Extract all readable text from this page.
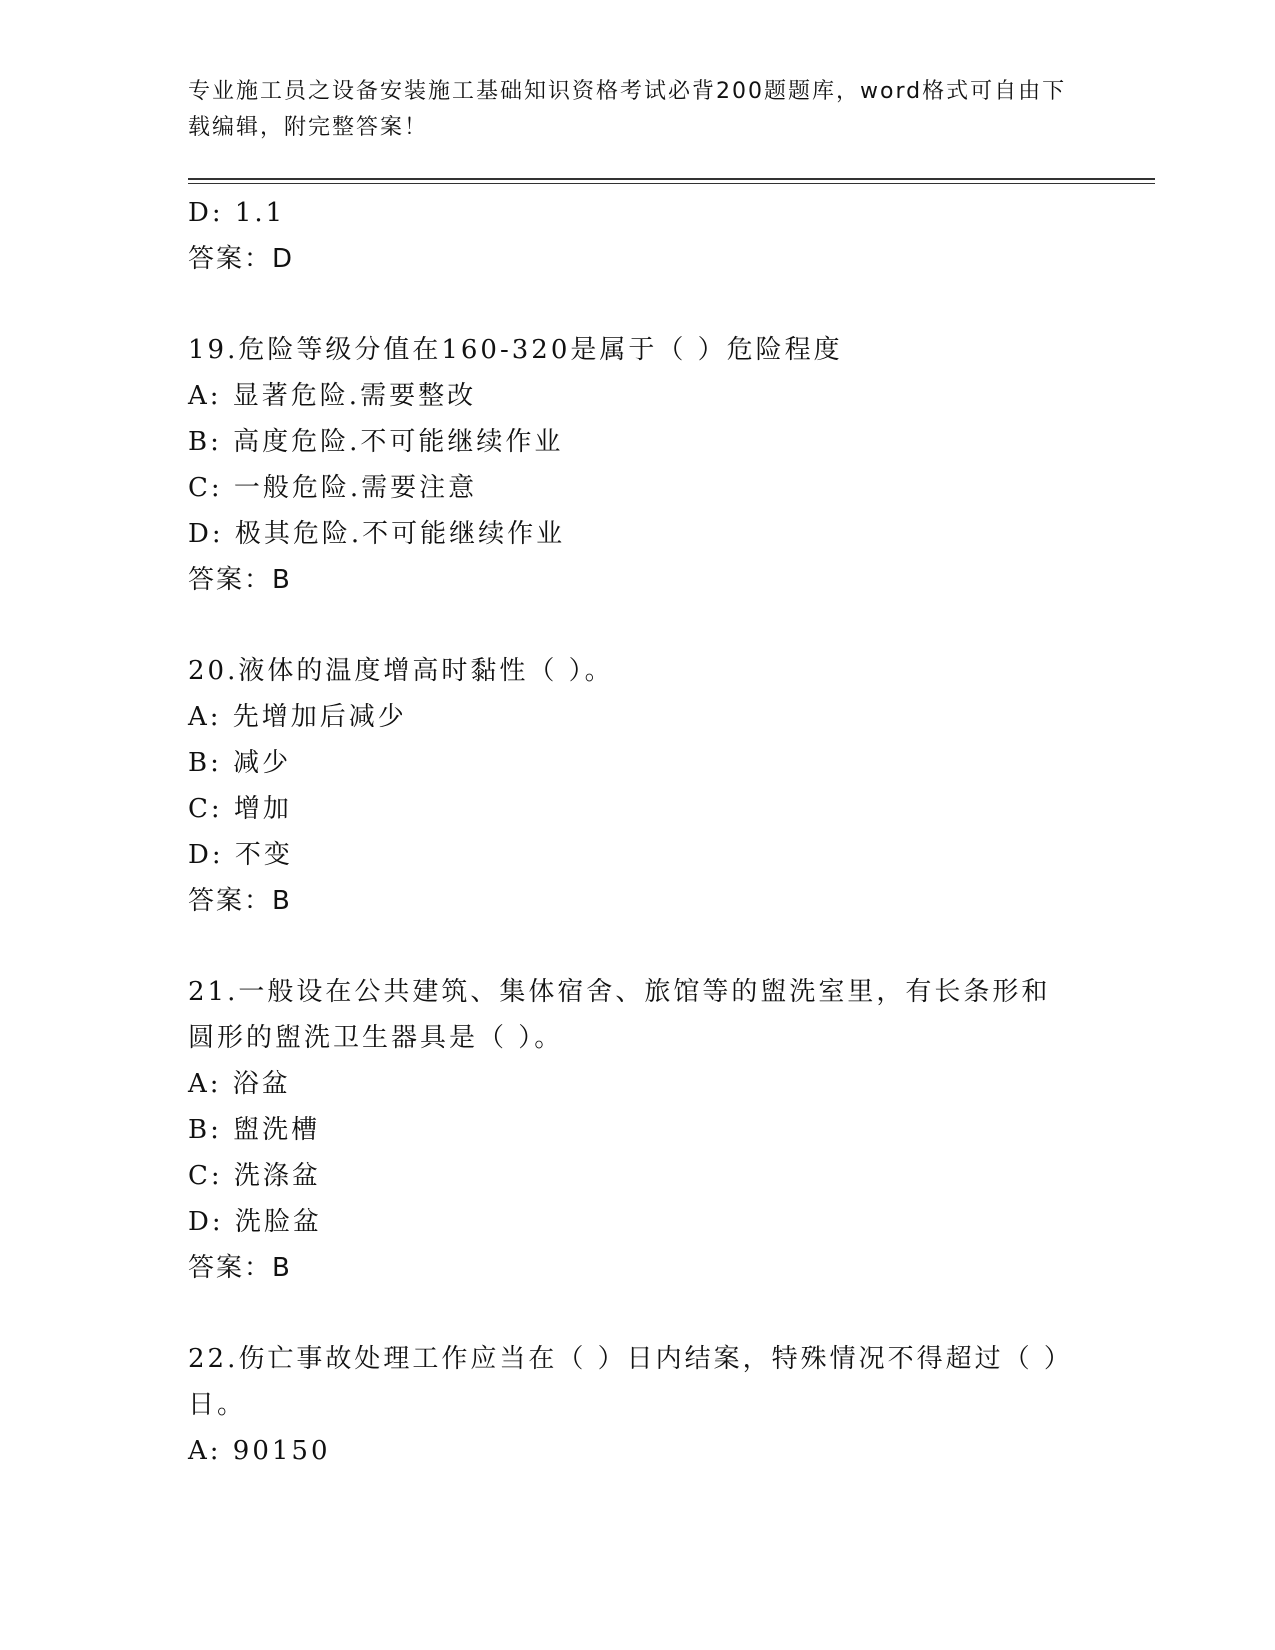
专业施工员之设备安装施工基础知识资格考试必背200题题库，word格式可自由下载编辑，附完整答案！
D: 1.1
答案：D
19.危险等级分值在160-320是属于（ ）危险程度
A: 显著危险.需要整改
B: 高度危险.不可能继续作业
C: 一般危险.需要注意
D: 极其危险.不可能继续作业
答案：B
20.液体的温度增高时黏性（ ）。
A: 先增加后减少
B: 减少
C: 增加
D: 不变
答案：B
21.一般设在公共建筑、集体宿舍、旅馆等的盥洗室里，有长条形和圆形的盥洗卫生器具是（ ）。
A: 浴盆
B: 盥洗槽
C: 洗涤盆
D: 洗脸盆
答案：B
22.伤亡事故处理工作应当在（ ）日内结案，特殊情况不得超过（ ）日。
A: 90150
